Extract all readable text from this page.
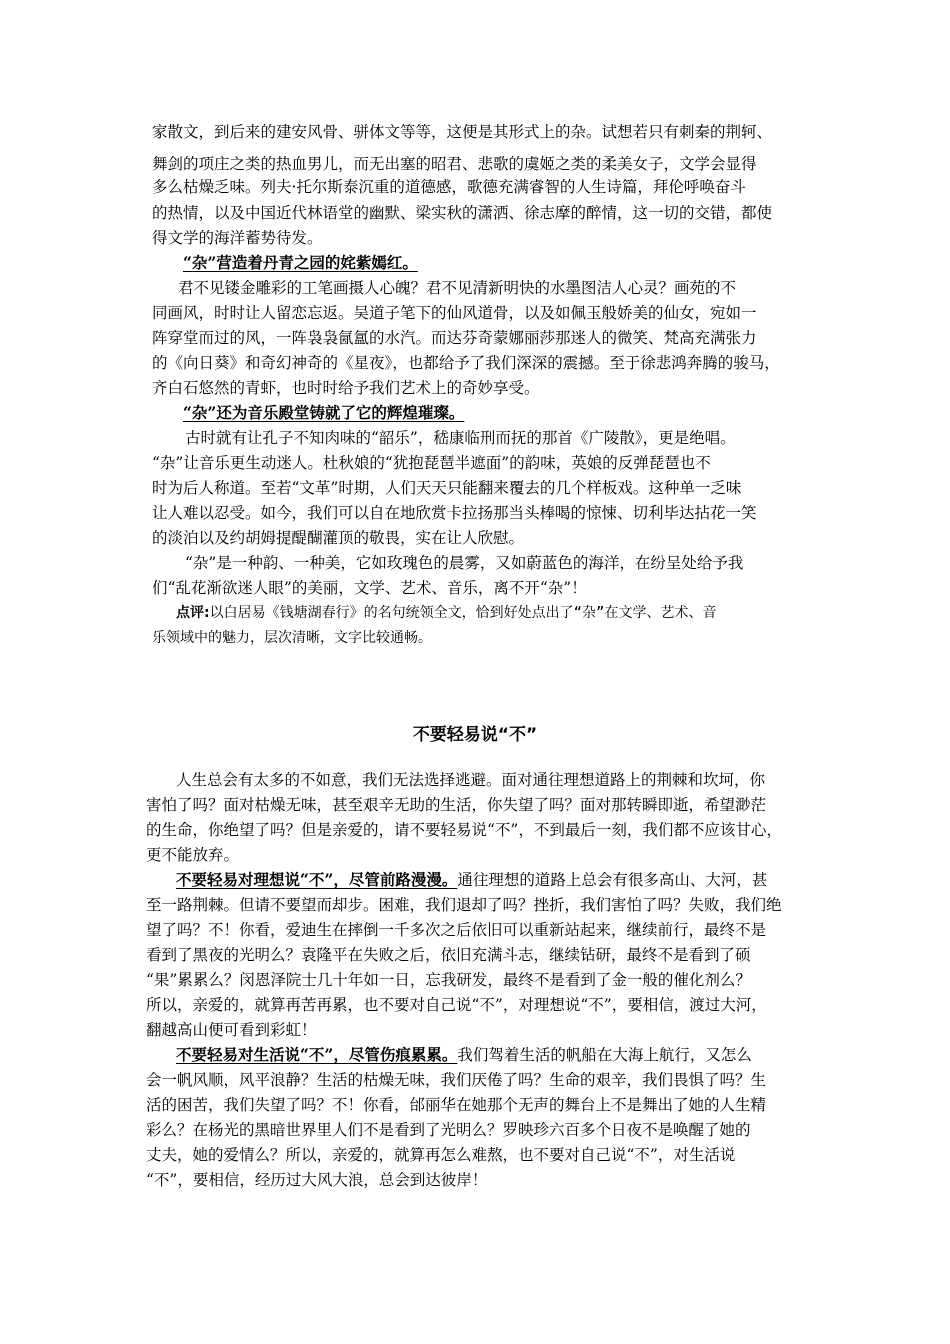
家散文，到后来的建安风骨、骈体文等等，这便是其形式上的杂。试想若只有刺秦的荆轲、
舞剑的项庄之类的热血男儿，而无出塞的昭君、悲歌的虞姬之类的柔美女子，文学会显得
多么枯燥乏味。列夫·托尔斯泰沉重的道德感，歌德充满睿智的人生诗篇，拜伦呼唤奋斗
的热情，以及中国近代林语堂的幽默、梁实秋的潇洒、徐志摩的醉情，这一切的交错，都使
得文学的海洋蓄势待发。
“杂”营造着丹青之园的姹紫嫣红。
君不见镂金雕彩的工笔画摄人心魄？君不见清新明快的水墨图洁人心灵？画苑的不
同画风，时时让人留恋忘返。吴道子笔下的仙风道骨，以及如佩玉般娇美的仙女，宛如一
阵穿堂而过的风，一阵袅袅氤氲的水汽。而达芬奇蒙娜丽莎那迷人的微笑、梵高充满张力
的《向日葵》和奇幻神奇的《星夜》，也都给予了我们深深的震撼。至于徐悲鸿奔腾的骏马，
齐白石悠然的青虾，也时时给予我们艺术上的奇妙享受。
“杂”还为音乐殿堂铸就了它的辉煌璀璨。
古时就有让孔子不知肉味的“韶乐”，嵇康临刑而抚的那首《广陵散》，更是绝唱。
“杂”让音乐更生动迷人。杜秋娘的“犹抱琵琶半遮面”的韵味，英娘的反弹琵琶也不
时为后人称道。至若“文革”时期，人们天天只能翻来覆去的几个样板戏。这种单一乏味
让人难以忍受。如今，我们可以自在地欣赏卡拉扬那当头棒喝的惊悚、切利毕达拈花一笑
的淡泊以及约胡姆提醍醐灌顶的敬畏，实在让人欣慰。
“杂”是一种韵、一种美，它如玫瑰色的晨雾，又如蔚蓝色的海洋，在纷呈处给予我
们“乱花渐欲迷人眼”的美丽，文学、艺术、音乐，离不开“杂”！
点评:以白居易《钱塘湖春行》的名句统领全文，恰到好处点出了“杂”在文学、艺术、音
乐领域中的魅力，层次清晰，文字比较通畅。
不要轻易说“不”
人生总会有太多的不如意，我们无法选择逃避。面对通往理想道路上的荆棘和坎坷，你
害怕了吗？面对枯燥无味，甚至艰辛无助的生活，你失望了吗？面对那转瞬即逝，希望渺茫
的生命，你绝望了吗？但是亲爱的，请不要轻易说“不”，不到最后一刻，我们都不应该甘心，
更不能放弃。
不要轻易对理想说“不”，尽管前路漫漫。通往理想的道路上总会有很多高山、大河，甚
至一路荆棘。但请不要望而却步。困难，我们退却了吗？挫折，我们害怕了吗？失败，我们绝
望了吗？不！你看，爱迪生在摔倒一千多次之后依旧可以重新站起来，继续前行，最终不是
看到了黑夜的光明么？袁隆平在失败之后，依旧充满斗志，继续钻研，最终不是看到了硕
“果”累累么？闵恩泽院士几十年如一日，忘我研发，最终不是看到了金一般的催化剂么？
所以，亲爱的，就算再苦再累，也不要对自己说“不”，对理想说“不”，要相信，渡过大河，
翻越高山便可看到彩虹！
不要轻易对生活说“不”，尽管伤痕累累。我们驾着生活的帆船在大海上航行，又怎么
会一帆风顺，风平浪静？生活的枯燥无味，我们厌倦了吗？生命的艰辛，我们畏惧了吗？生
活的困苦，我们失望了吗？不！你看，邰丽华在她那个无声的舞台上不是舞出了她的人生精
彩么？在杨光的黑暗世界里人们不是看到了光明么？罗映珍六百多个日夜不是唤醒了她的
丈夫，她的爱情么？所以，亲爱的，就算再怎么难熬，也不要对自己说“不”，对生活说
“不”，要相信，经历过大风大浪，总会到达彼岸！
